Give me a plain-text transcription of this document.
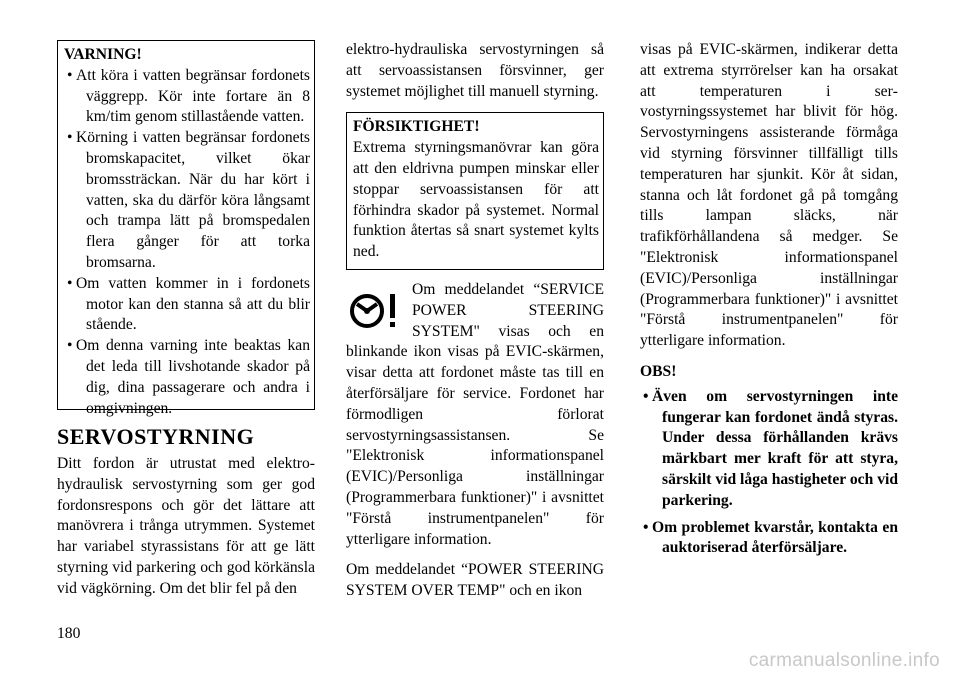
VARNING!
• Att köra i vatten begränsar fordonets väggrepp. Kör inte fortare än 8 km/tim genom stillastående vatten.
• Körning i vatten begränsar fordonets bromskapacitet, vilket ökar bromssträckan. När du har kört i vatten, ska du därför köra långsamt och trampa lätt på bromspedalen flera gånger för att torka bromsarna.
• Om vatten kommer in i fordonets motor kan den stanna så att du blir stående.
• Om denna varning inte beaktas kan det leda till livshotande skador på dig, dina passagerare och andra i omgivningen.
SERVOSTYRNING

Ditt fordon är utrustat med elektrohydraulisk servostyrning som ger god fordonsrespons och gör det lättare att manövrera i trånga utrymmen. Systemet har variabel styrassistans för att ge lätt styrning vid parkering och god körkänsla vid vägkörning. Om det blir fel på den

elektro-hydrauliska servostyrningen så att servoassistansen försvinner, ger systemet möjlighet till manuell styrning.

FÖRSIKTIGHET!

Extrema styrningsmanövrar kan göra att den eldrivna pumpen minskar eller stoppar servoassistansen för att förhindra skador på systemet. Normal funktion återtas så snart systemet kylts ned.

Om meddelandet “SERVICE POWER STEERING SYSTEM" visas och en blinkande ikon visas på EVIC-skärmen, visar detta att fordonet måste tas till en återförsäljare för service. Fordonet har förmodligen förlorat servostyrningsassistansen. Se "Elektronisk informationspanel (EVIC)/Personliga inställningar (Programmerbara funktioner)" i avsnittet "Förstå instrumentpanelen" för ytterligare information.

Om meddelandet “POWER STEERING SYSTEM OVER TEMP" och en ikon

visas på EVIC-skärmen, indikerar detta att extrema styrrörelser kan ha orsakat att temperaturen i servostyrningssystemet har blivit för hög. Servostyrningens assisterande förmåga vid styrning försvinner tillfälligt tills temperaturen har sjunkit. Kör åt sidan, stanna och låt fordonet gå på tomgång tills lampan släcks, när trafikförhållandena så medger. Se "Elektronisk informationspanel (EVIC)/Personliga inställningar (Programmerbara funktioner)" i avsnittet "Förstå instrumentpanelen" för ytterligare information.

OBS!
• Även om servostyrningen inte fungerar kan fordonet ändå styras. Under dessa förhållanden krävs märkbart mer kraft för att styra, särskilt vid låga hastigheter och vid parkering.
• Om problemet kvarstår, kontakta en auktoriserad återförsäljare.
180
carmanualsonline.info
